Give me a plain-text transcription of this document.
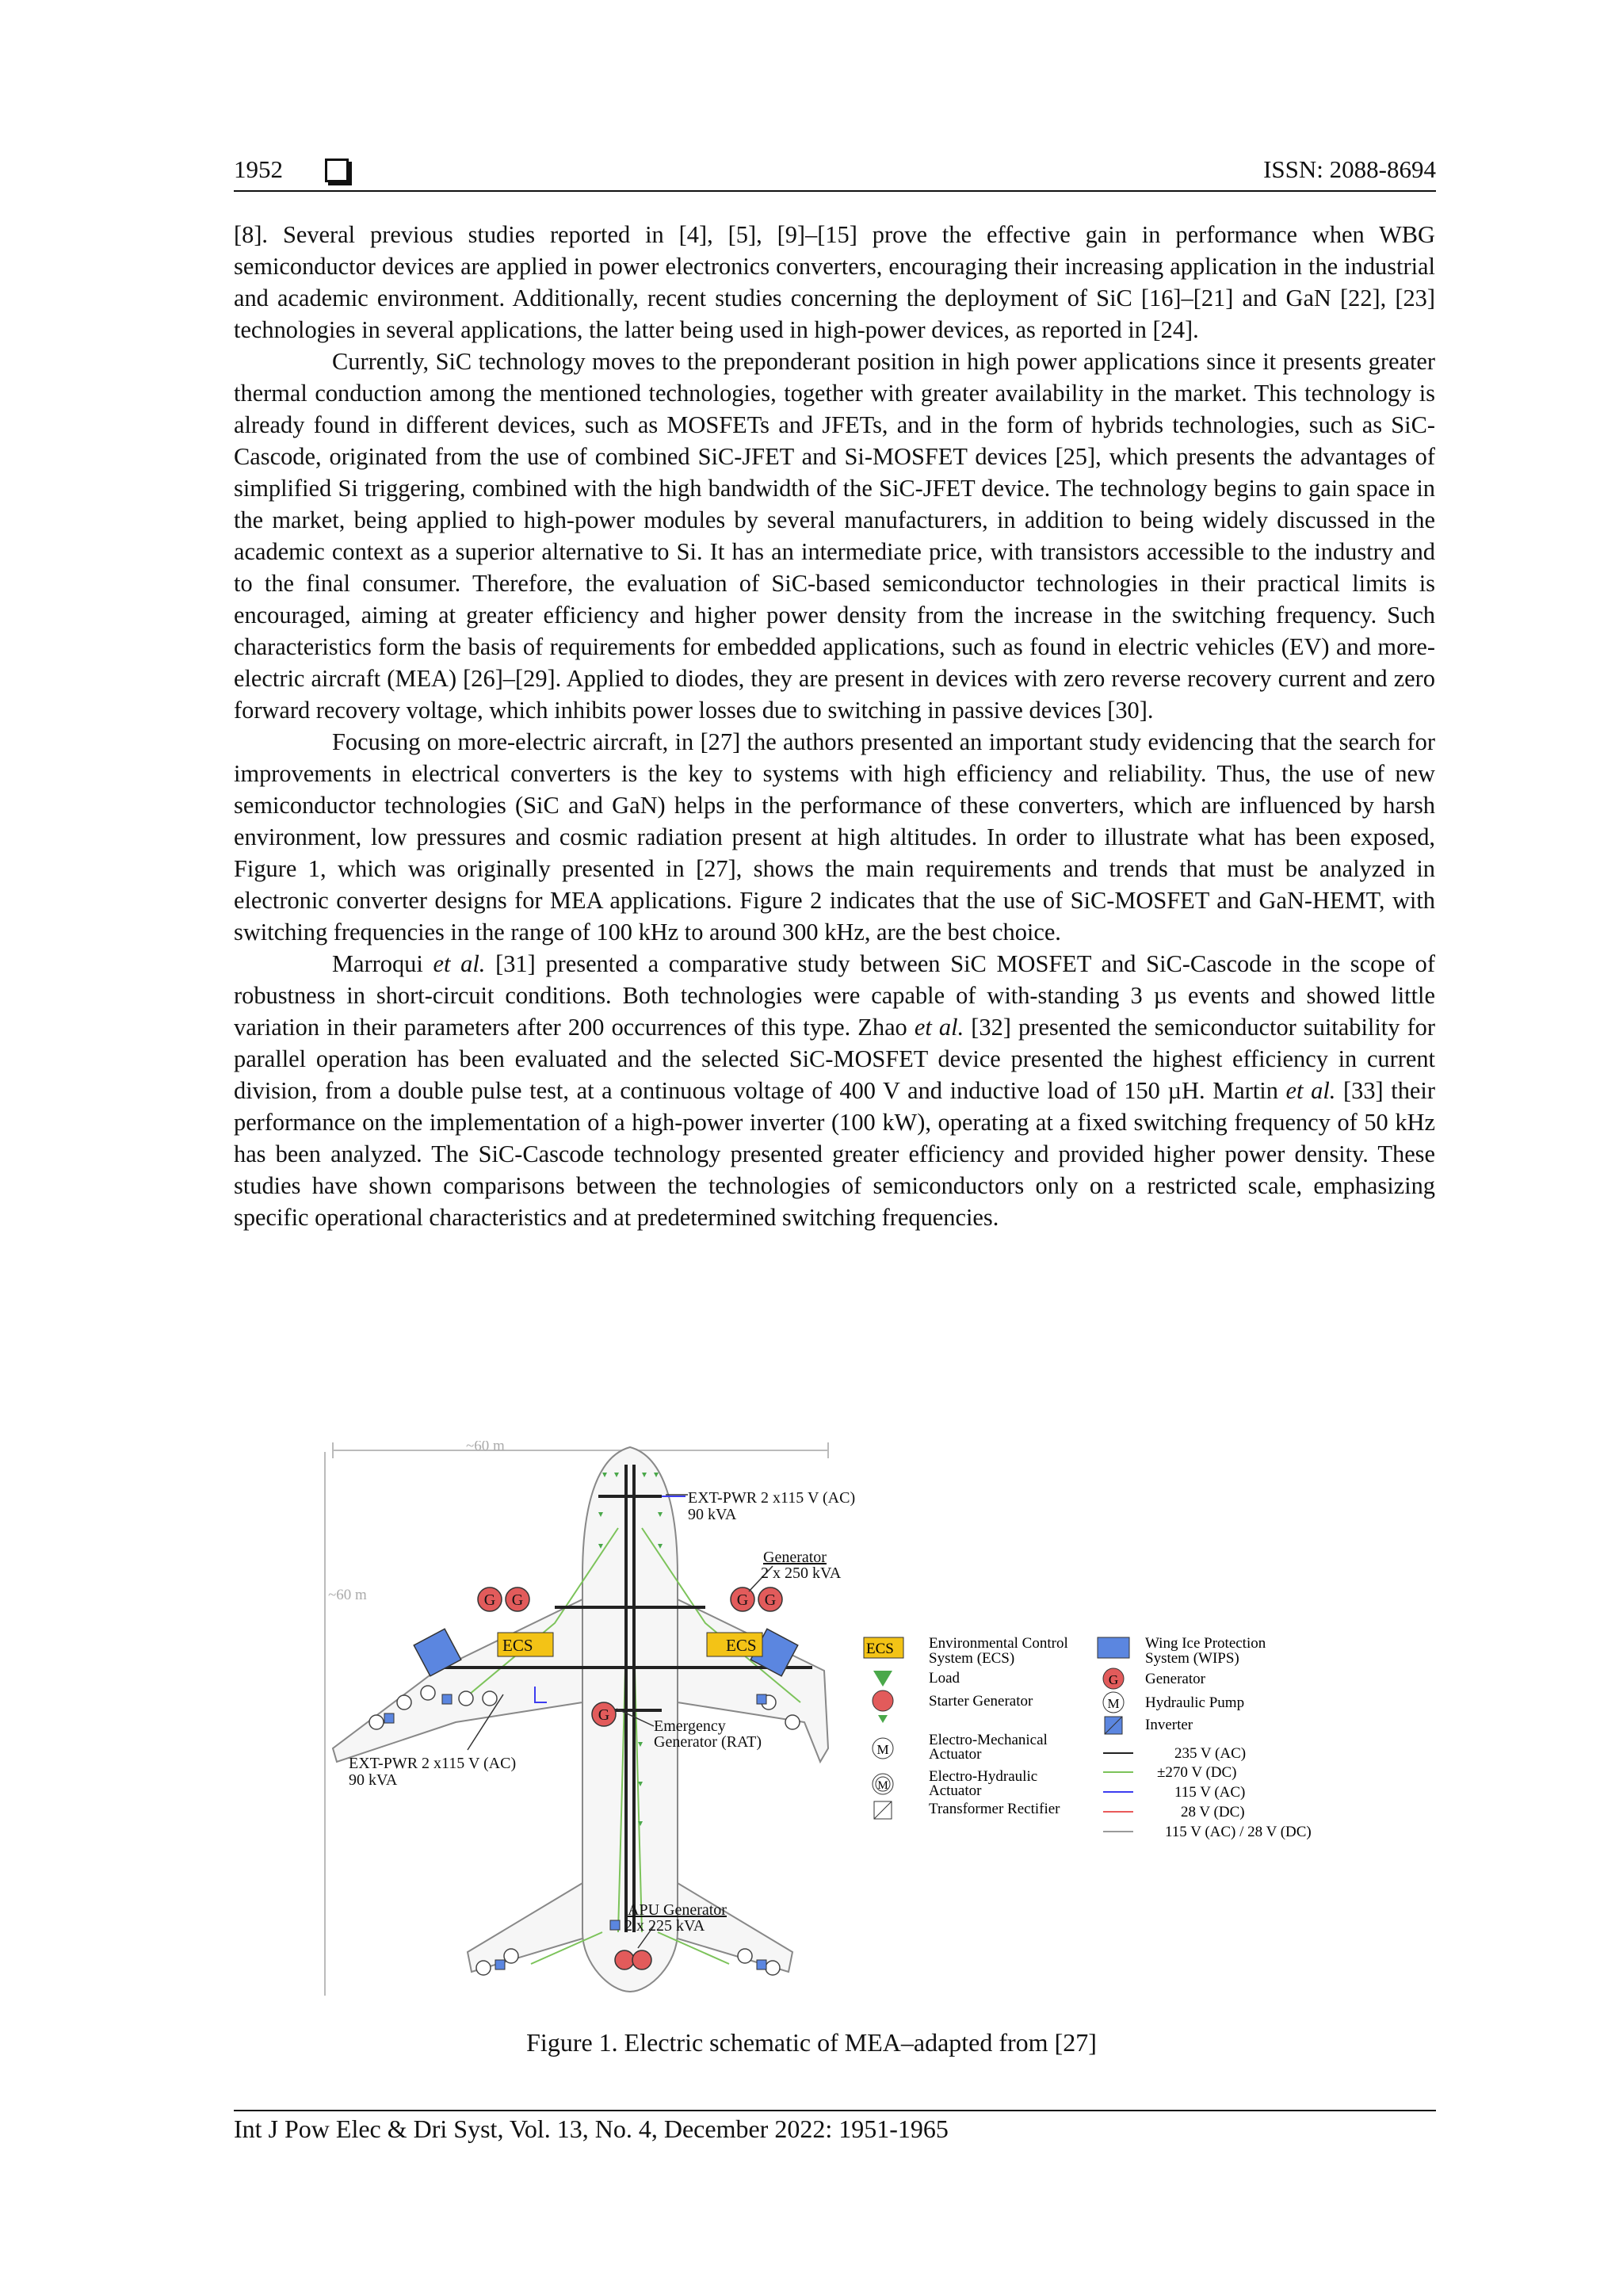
1952	ISSN: 2088-8694

[8]. Several previous studies reported in [4], [5], [9]–[15] prove the effective gain in performance when WBG semiconductor devices are applied in power electronics converters, encouraging their increasing application in the industrial and academic environment. Additionally, recent studies concerning the deployment of SiC [16]–[21] and GaN [22], [23] technologies in several applications, the latter being used in high-power devices, as reported in [24].

Currently, SiC technology moves to the preponderant position in high power applications since it presents greater thermal conduction among the mentioned technologies, together with greater availability in the market. This technology is already found in different devices, such as MOSFETs and JFETs, and in the form of hybrids technologies, such as SiC-Cascode, originated from the use of combined SiC-JFET and Si-MOSFET devices [25], which presents the advantages of simplified Si triggering, combined with the high bandwidth of the SiC-JFET device. The technology begins to gain space in the market, being applied to high-power modules by several manufacturers, in addition to being widely discussed in the academic context as a superior alternative to Si. It has an intermediate price, with transistors accessible to the industry and to the final consumer. Therefore, the evaluation of SiC-based semiconductor technologies in their practical limits is encouraged, aiming at greater efficiency and higher power density from the increase in the switching frequency. Such characteristics form the basis of requirements for embedded applications, such as found in electric vehicles (EV) and more-electric aircraft (MEA) [26]–[29]. Applied to diodes, they are present in devices with zero reverse recovery current and zero forward recovery voltage, which inhibits power losses due to switching in passive devices [30].

Focusing on more-electric aircraft, in [27] the authors presented an important study evidencing that the search for improvements in electrical converters is the key to systems with high efficiency and reliability. Thus, the use of new semiconductor technologies (SiC and GaN) helps in the performance of these converters, which are influenced by harsh environment, low pressures and cosmic radiation present at high altitudes. In order to illustrate what has been exposed, Figure 1, which was originally presented in [27], shows the main requirements and trends that must be analyzed in electronic converter designs for MEA applications. Figure 2 indicates that the use of SiC-MOSFET and GaN-HEMT, with switching frequencies in the range of 100 kHz to around 300 kHz, are the best choice.

Marroqui et al. [31] presented a comparative study between SiC MOSFET and SiC-Cascode in the scope of robustness in short-circuit conditions. Both technologies were capable of with-standing 3 µs events and showed little variation in their parameters after 200 occurrences of this type. Zhao et al. [32] presented the semiconductor suitability for parallel operation has been evaluated and the selected SiC-MOSFET device presented the highest efficiency in current division, from a double pulse test, at a continuous voltage of 400 V and inductive load of 150 µH. Martin et al. [33] their performance on the implementation of a high-power inverter (100 kW), operating at a fixed switching frequency of 50 kHz has been analyzed. The SiC-Cascode technology presented greater efficiency and provided higher power density. These studies have shown comparisons between the technologies of semiconductors only on a restricted scale, emphasizing specific operational characteristics and at predetermined switching frequencies.

~60 m
~60 m
ECS	ECS
G G	G G
G
EXT-PWR 2 x115 V (AC)
90 kVA
Generator
2 x 250 kVA
Emergency
Generator (RAT)
EXT-PWR 2 x115 V (AC)
90 kVA
APU Generator
2 x 225 kVA
ECS Environmental Control
System (ECS)
Load
Starter Generator
M
Electro-Mechanical
Actuator
M
Electro-Hydraulic
Actuator
Transformer Rectifier
Wing Ice Protection
System (WIPS)
G Generator
M Hydraulic Pump
Inverter
235 V (AC)
±270 V (DC)
115 V (AC)
28 V (DC)
115 V (AC) / 28 V (DC)
Figure 1. Electric schematic of MEA–adapted from [27]
Int J Pow Elec & Dri Syst, Vol. 13, No. 4, December 2022: 1951-1965
